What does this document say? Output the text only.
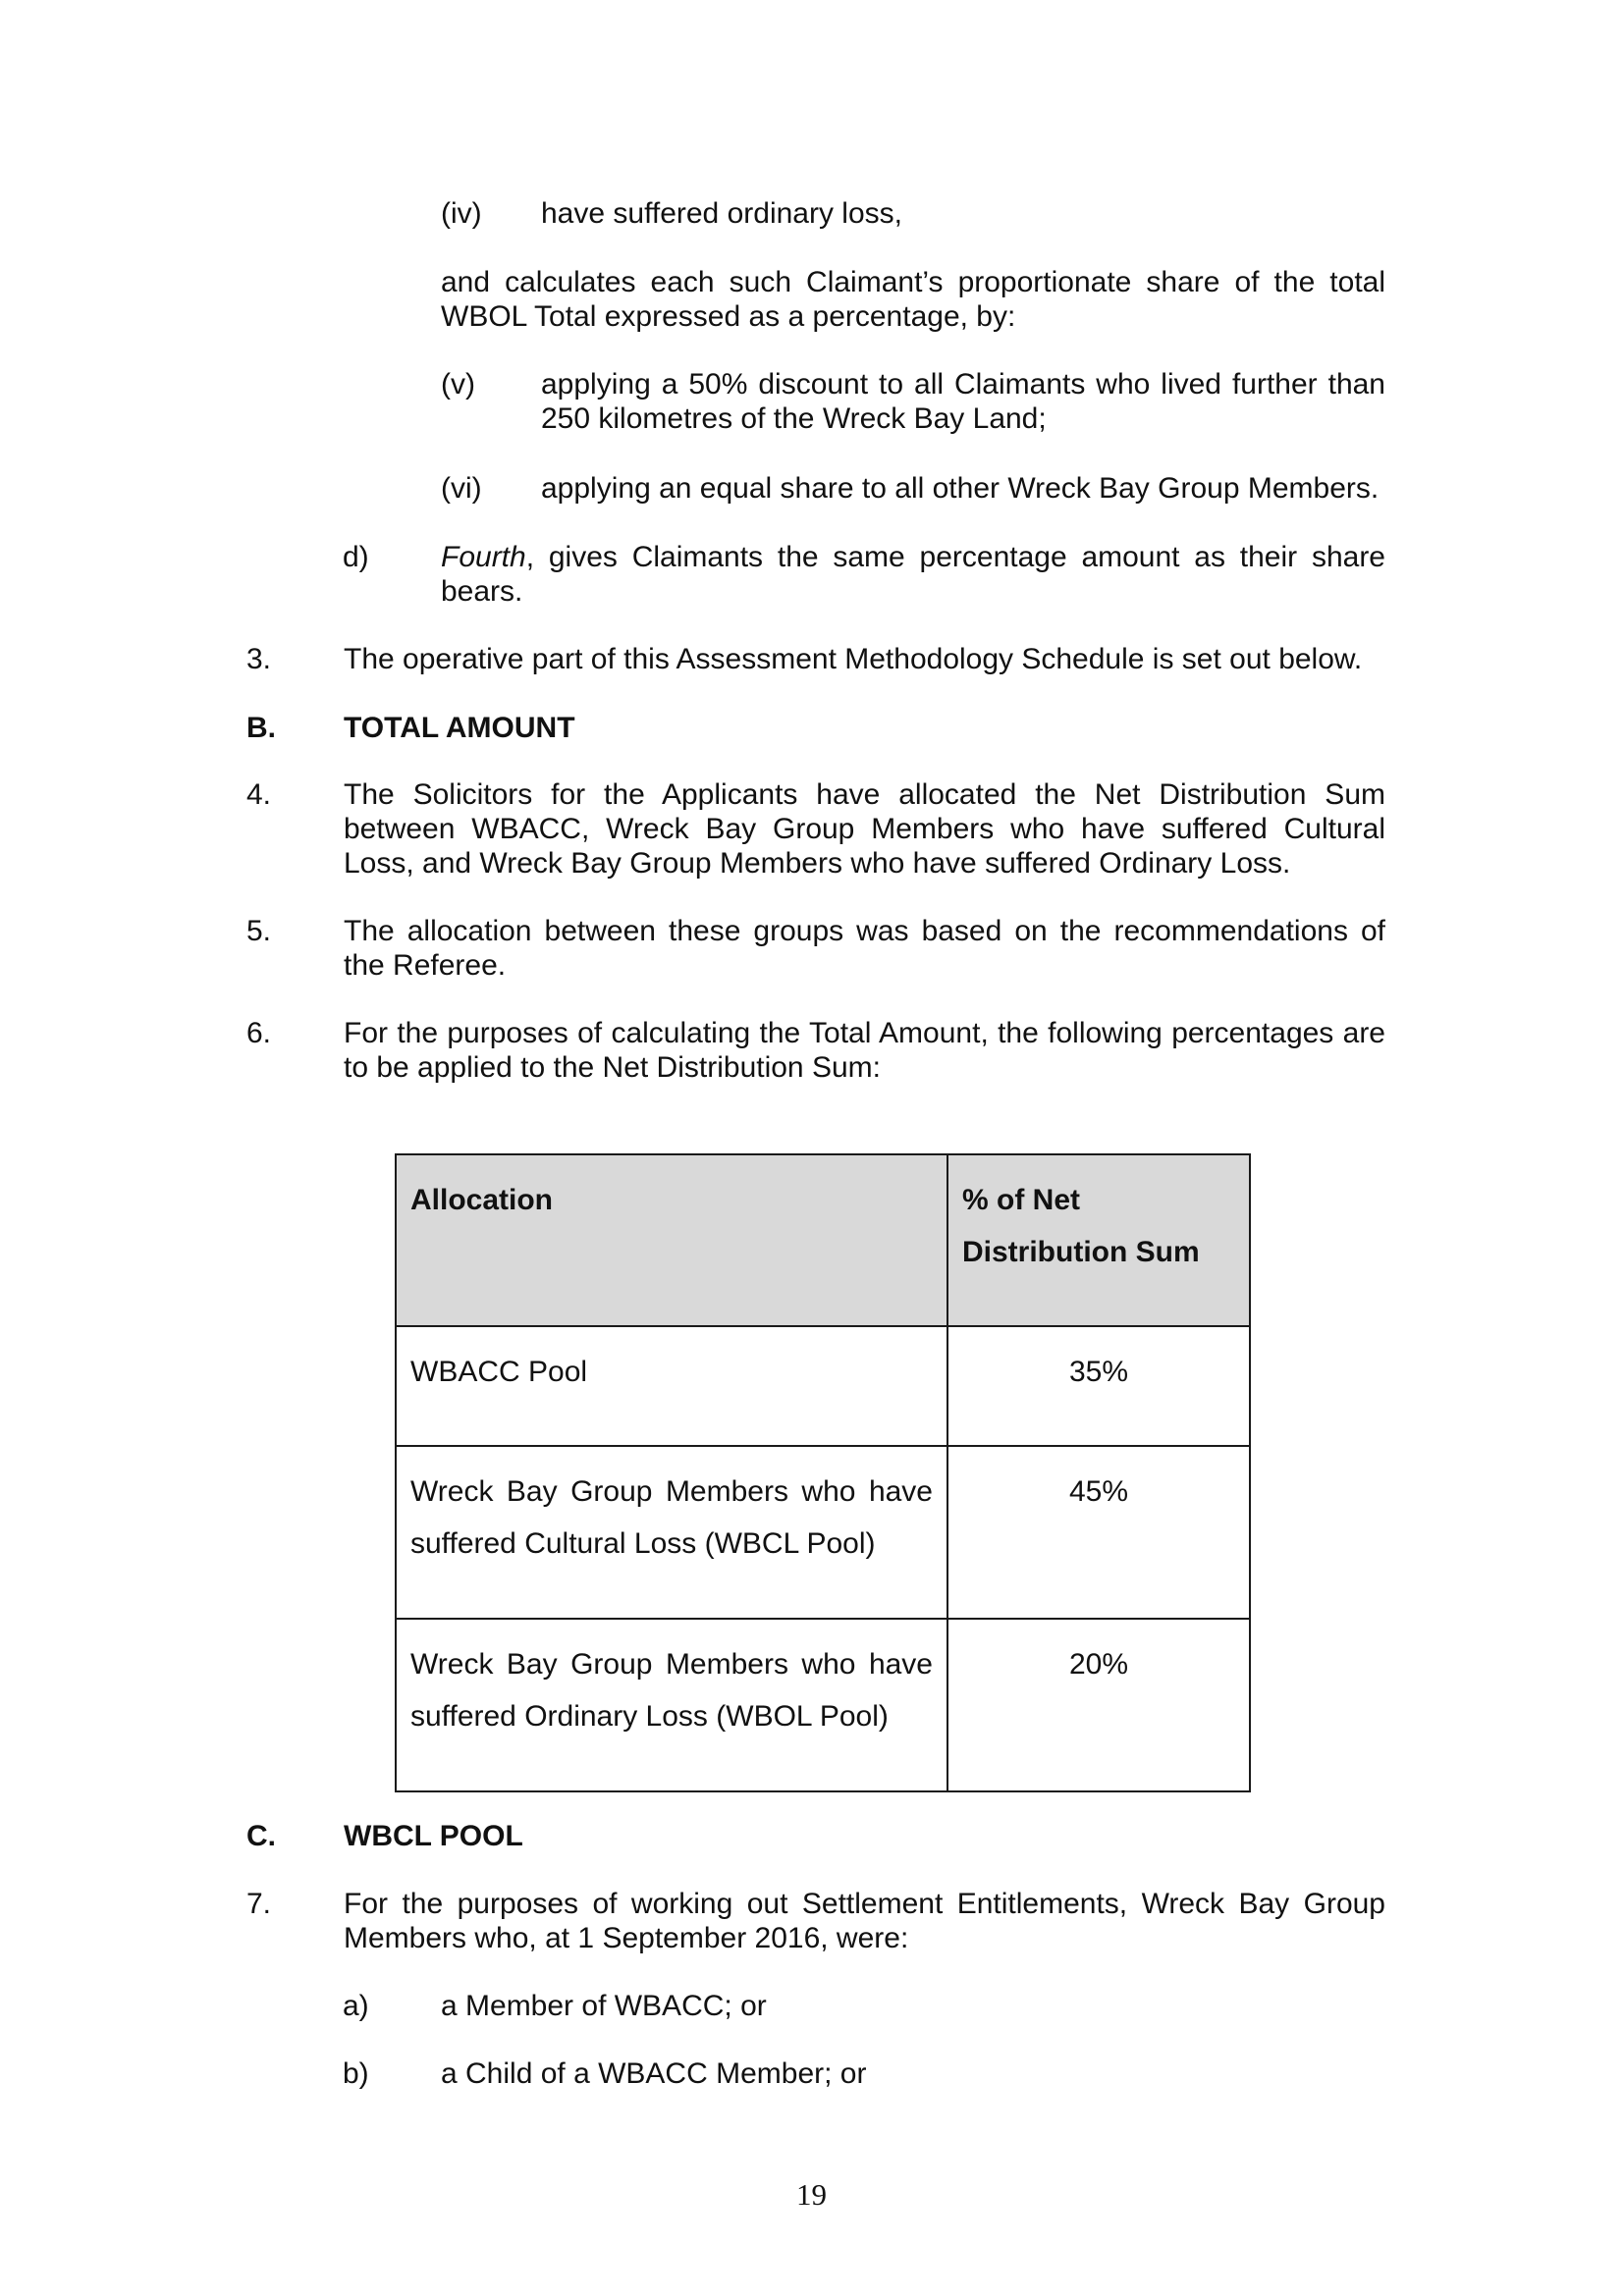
(iv) have suffered ordinary loss,
and calculates each such Claimant’s proportionate share of the total WBOL Total expressed as a percentage, by:
(v) applying a 50% discount to all Claimants who lived further than 250 kilometres of the Wreck Bay Land;
(vi) applying an equal share to all other Wreck Bay Group Members.
d) Fourth, gives Claimants the same percentage amount as their share bears.
3. The operative part of this Assessment Methodology Schedule is set out below.
B. TOTAL AMOUNT
4. The Solicitors for the Applicants have allocated the Net Distribution Sum between WBACC, Wreck Bay Group Members who have suffered Cultural Loss, and Wreck Bay Group Members who have suffered Ordinary Loss.
5. The allocation between these groups was based on the recommendations of the Referee.
6. For the purposes of calculating the Total Amount, the following percentages are to be applied to the Net Distribution Sum:
Allocation	% of Net Distribution Sum
WBACC Pool	35%
Wreck Bay Group Members who have suffered Cultural Loss (WBCL Pool)	45%
Wreck Bay Group Members who have suffered Ordinary Loss (WBOL Pool)	20%
C. WBCL POOL
7. For the purposes of working out Settlement Entitlements, Wreck Bay Group Members who, at 1 September 2016, were:
a) a Member of WBACC; or
b) a Child of a WBACC Member; or
19
